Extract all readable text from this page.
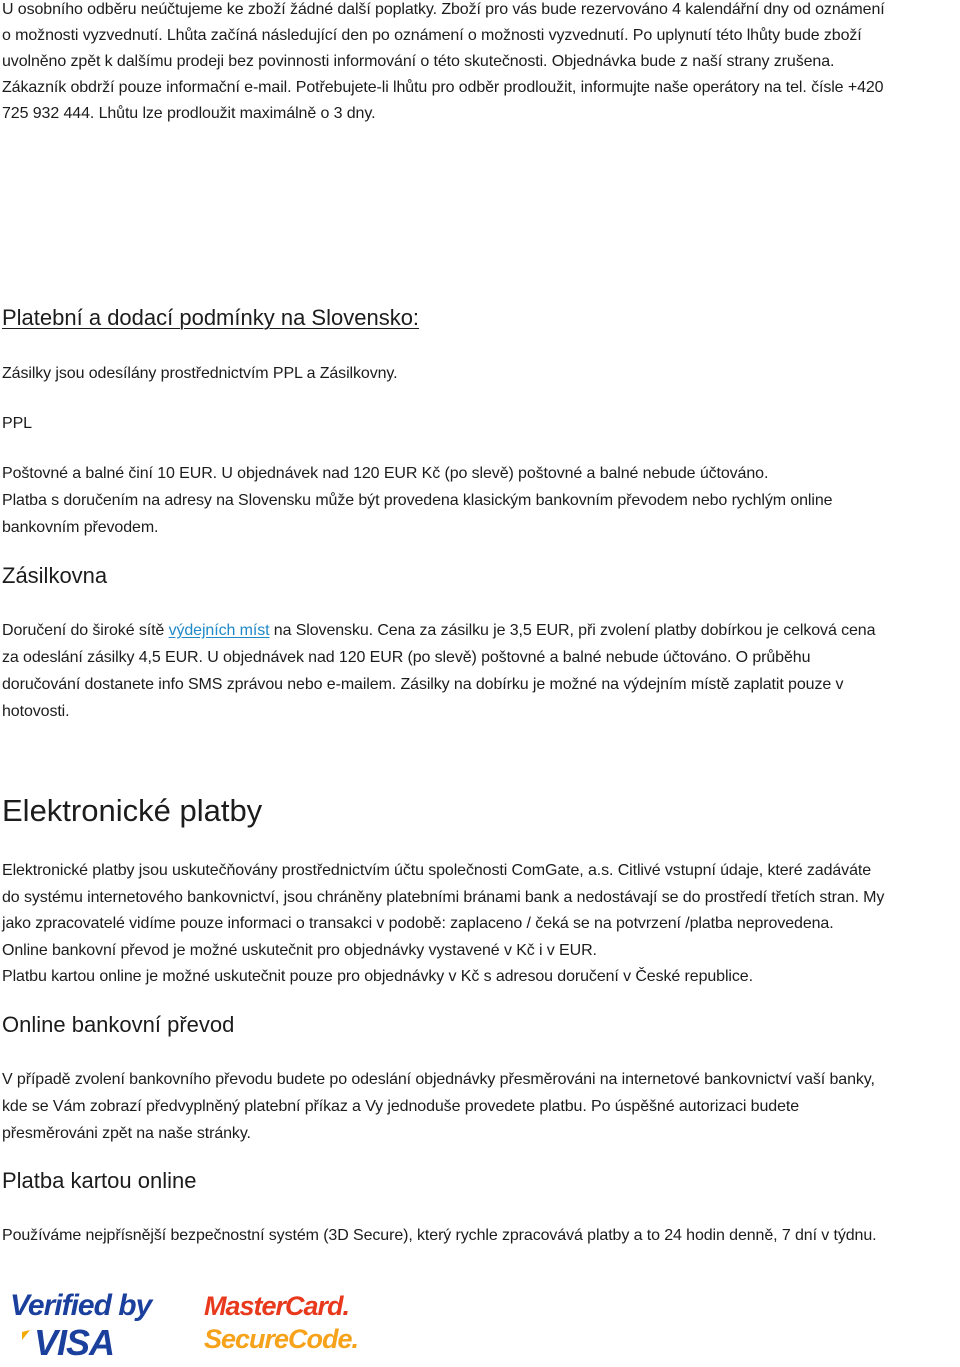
U osobního odběru neúčtujeme ke zboží žádné další poplatky. Zboží pro vás bude rezervováno 4 kalendářní dny od oznámení
o možnosti vyzvednutí. Lhůta začíná následující den po oznámení o možnosti vyzvednutí. Po uplynutí této lhůty bude zboží
uvolněno zpět k dalšímu prodeji bez povinnosti informování o této skutečnosti. Objednávka bude z naší strany zrušena.
Zákazník obdrží pouze informační e-mail. Potřebujete-li lhůtu pro odběr prodloužit, informujte naše operátory na tel. čísle +420
725 932 444. Lhůtu lze prodloužit maximálně o 3 dny.
Platební a dodací podmínky na Slovensko:
Zásilky jsou odesílány prostřednictvím PPL a Zásilkovny.
PPL
Poštovné a balné činí 10 EUR. U objednávek nad 120 EUR Kč (po slevě) poštovné a balné nebude účtováno.
Platba s doručením na adresy na Slovensku může být provedena klasickým bankovním převodem nebo rychlým online
bankovním převodem.
Zásilkovna
Doručení do široké sítě výdejních míst na Slovensku. Cena za zásilku je 3,5 EUR, při zvolení platby dobírkou je celková cena
za odeslání zásilky 4,5 EUR. U objednávek nad 120 EUR (po slevě) poštovné a balné nebude účtováno. O průběhu
doručování dostanete info SMS zprávou nebo e-mailem. Zásilky na dobírku je možné na výdejním místě zaplatit pouze v
hotovosti.
Elektronické platby
Elektronické platby jsou uskutečňovány prostřednictvím účtu společnosti ComGate, a.s. Citlivé vstupní údaje, které zadáváte
do systému internetového bankovnictví, jsou chráněny platebními bránami bank a nedostávají se do prostředí třetích stran. My
jako zpracovatelé vidíme pouze informaci o transakci v podobě: zaplaceno / čeká se na potvrzení /platba neprovedena.
Online bankovní převod je možné uskutečnit pro objednávky vystavené v Kč i v EUR.
Platbu kartou online je možné uskutečnit pouze pro objednávky v Kč s adresou doručení v České republice.
Online bankovní převod
V případě zvolení bankovního převodu budete po odeslání objednávky přesměrováni na internetové bankovnictví vaší banky,
kde se Vám zobrazí předvyplněný platební příkaz a Vy jednoduše provedete platbu. Po úspěšné autorizaci budete
přesměrováni zpět na naše stránky.
Platba kartou online
Používáme nejpřísnější bezpečnostní systém (3D Secure), který rychle zpracovává platby a to 24 hodin denně, 7 dní v týdnu.
Verified by
VISA
MasterCard.
SecureCode.
